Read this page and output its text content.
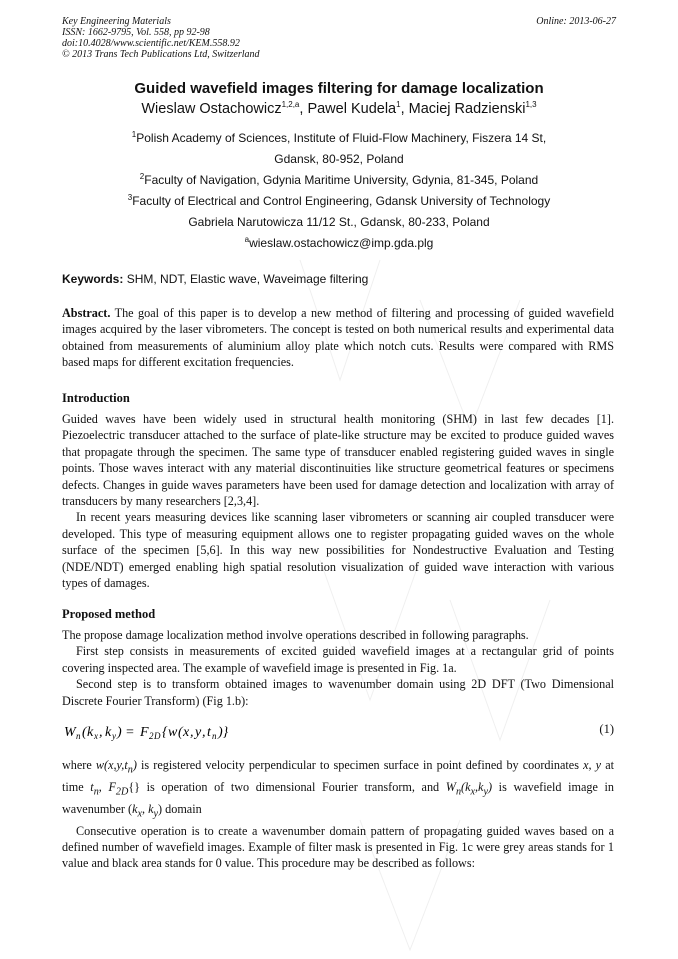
Key Engineering Materials
ISSN: 1662-9795, Vol. 558, pp 92-98
doi:10.4028/www.scientific.net/KEM.558.92
© 2013 Trans Tech Publications Ltd, Switzerland
Online: 2013-06-27
Guided wavefield images filtering for damage localization
Wieslaw Ostachowicz$^{1,2,a}$, Pawel Kudela$^1$, Maciej Radzienski$^{1,3}$
$^1$Polish Academy of Sciences, Institute of Fluid-Flow Machinery, Fiszera 14 St,
Gdansk, 80-952, Poland
$^2$Faculty of Navigation, Gdynia Maritime University, Gdynia, 81-345, Poland
$^3$Faculty of Electrical and Control Engineering, Gdansk University of Technology
Gabriela Narutowicza 11/12 St., Gdansk, 80-233, Poland
$^a$wieslaw.ostachowicz@imp.gda.plg
Keywords: SHM, NDT, Elastic wave, Waveimage filtering

Abstract. The goal of this paper is to develop a new method of filtering and processing of guided wavefield images acquired by the laser vibrometers. The concept is tested on both numerical results and experimental data obtained from measurements of aluminium alloy plate which notch cuts. Results were compared with RMS based maps for different excitation frequencies.

Introduction

Guided waves have been widely used in structural health monitoring (SHM) in last few decades [1]. Piezoelectric transducer attached to the surface of plate-like structure may be excited to produce guided waves that propagate through the specimen. The same type of transducer enabled registering guided waves in single points. Those waves interact with any material discontinuities like structure geometrical features or specimens defects. Changes in guide waves parameters have been used for damage detection and localization with array of transducers by many researchers [2,3,4].

In recent years measuring devices like scanning laser vibrometers or scanning air coupled transducer were developed. This type of measuring equipment allows one to register propagating guided waves on the whole surface of the specimen [5,6]. In this way new possibilities for Nondestructive Evaluation and Testing (NDE/NDT) emerged enabling high spatial resolution visualization of guided wave interaction with various types of damages.

Proposed method

The propose damage localization method involve operations described in following paragraphs.

First step consists in measurements of excited guided wavefield images at a rectangular grid of points covering inspected area. The example of wavefield image is presented in Fig. 1a.

Second step is to transform obtained images to wavenumber domain using 2D DFT (Two Dimensional Discrete Fourier Transform) (Fig 1.b):

W n ( k x , k y ) = F 2 D { w ( x , y , t n )}	(1)

where $w(x,y,t_n)$ is registered velocity perpendicular to specimen surface in point defined by coordinates x, y at time $t_n$, $F_{2D}\{\}$ is operation of two dimensional Fourier transform, and $W_n(k_x,k_y)$ is wavefield image in wavenumber ($k_x$, $k_y$) domain

Consecutive operation is to create a wavenumber domain pattern of propagating guided waves based on a defined number of wavefield images. Example of filter mask is presented in Fig. 1c were grey areas stands for 1 value and black area stands for 0 value. This procedure may be described as follows:
